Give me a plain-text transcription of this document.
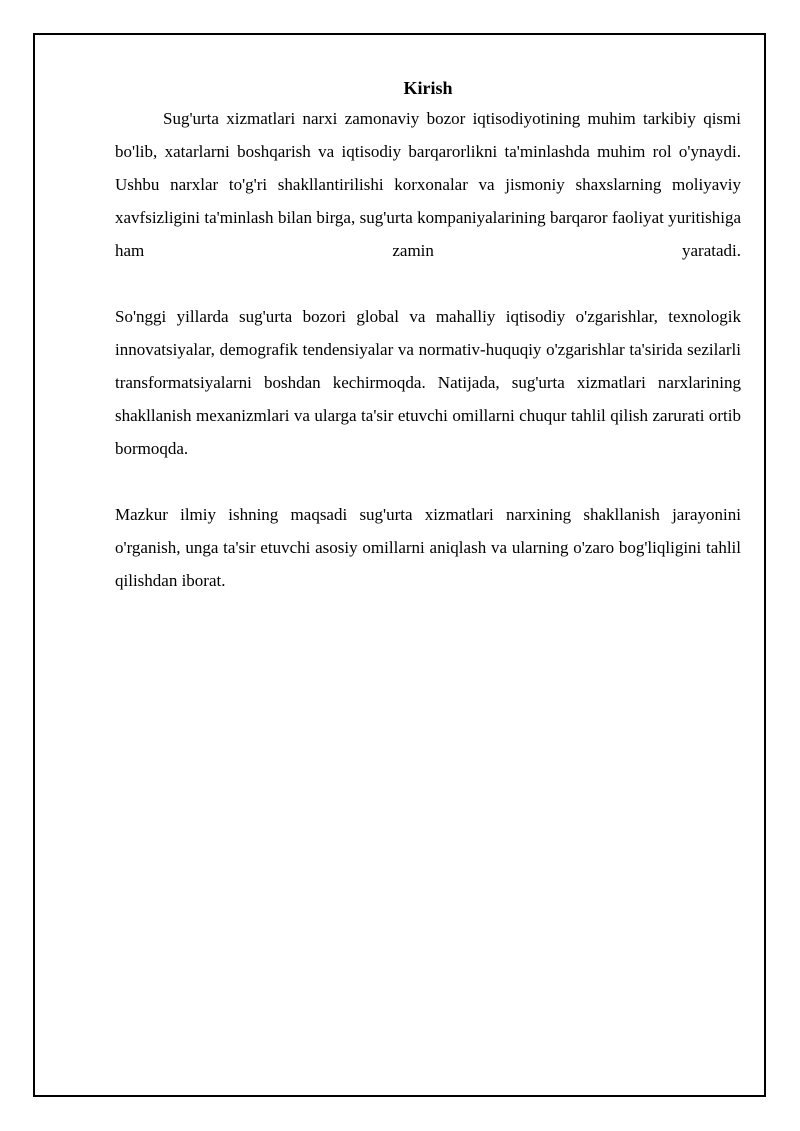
Kirish

Sug'urta xizmatlari narxi zamonaviy bozor iqtisodiyotining muhim tarkibiy qismi bo'lib, xatarlarni boshqarish va iqtisodiy barqarorlikni ta'minlashda muhim rol o'ynaydi. Ushbu narxlar to'g'ri shakllantirilishi korxonalar va jismoniy shaxslarning moliyaviy xavfsizligini ta'minlash bilan birga, sug'urta kompaniyalarining barqaror faoliyat yuritishiga ham zamin yaratadi.

So'nggi yillarda sug'urta bozori global va mahalliy iqtisodiy o'zgarishlar, texnologik innovatsiyalar, demografik tendensiyalar va normativ-huquqiy o'zgarishlar ta'sirida sezilarli transformatsiyalarni boshdan kechirmoqda. Natijada, sug'urta xizmatlari narxlarining shakllanish mexanizmlari va ularga ta'sir etuvchi omillarni chuqur tahlil qilish zarurati ortib bormoqda.

Mazkur ilmiy ishning maqsadi sug'urta xizmatlari narxining shakllanish jarayonini o'rganish, unga ta'sir etuvchi asosiy omillarni aniqlash va ularning o'zaro bog'liqligini tahlil qilishdan iborat.
